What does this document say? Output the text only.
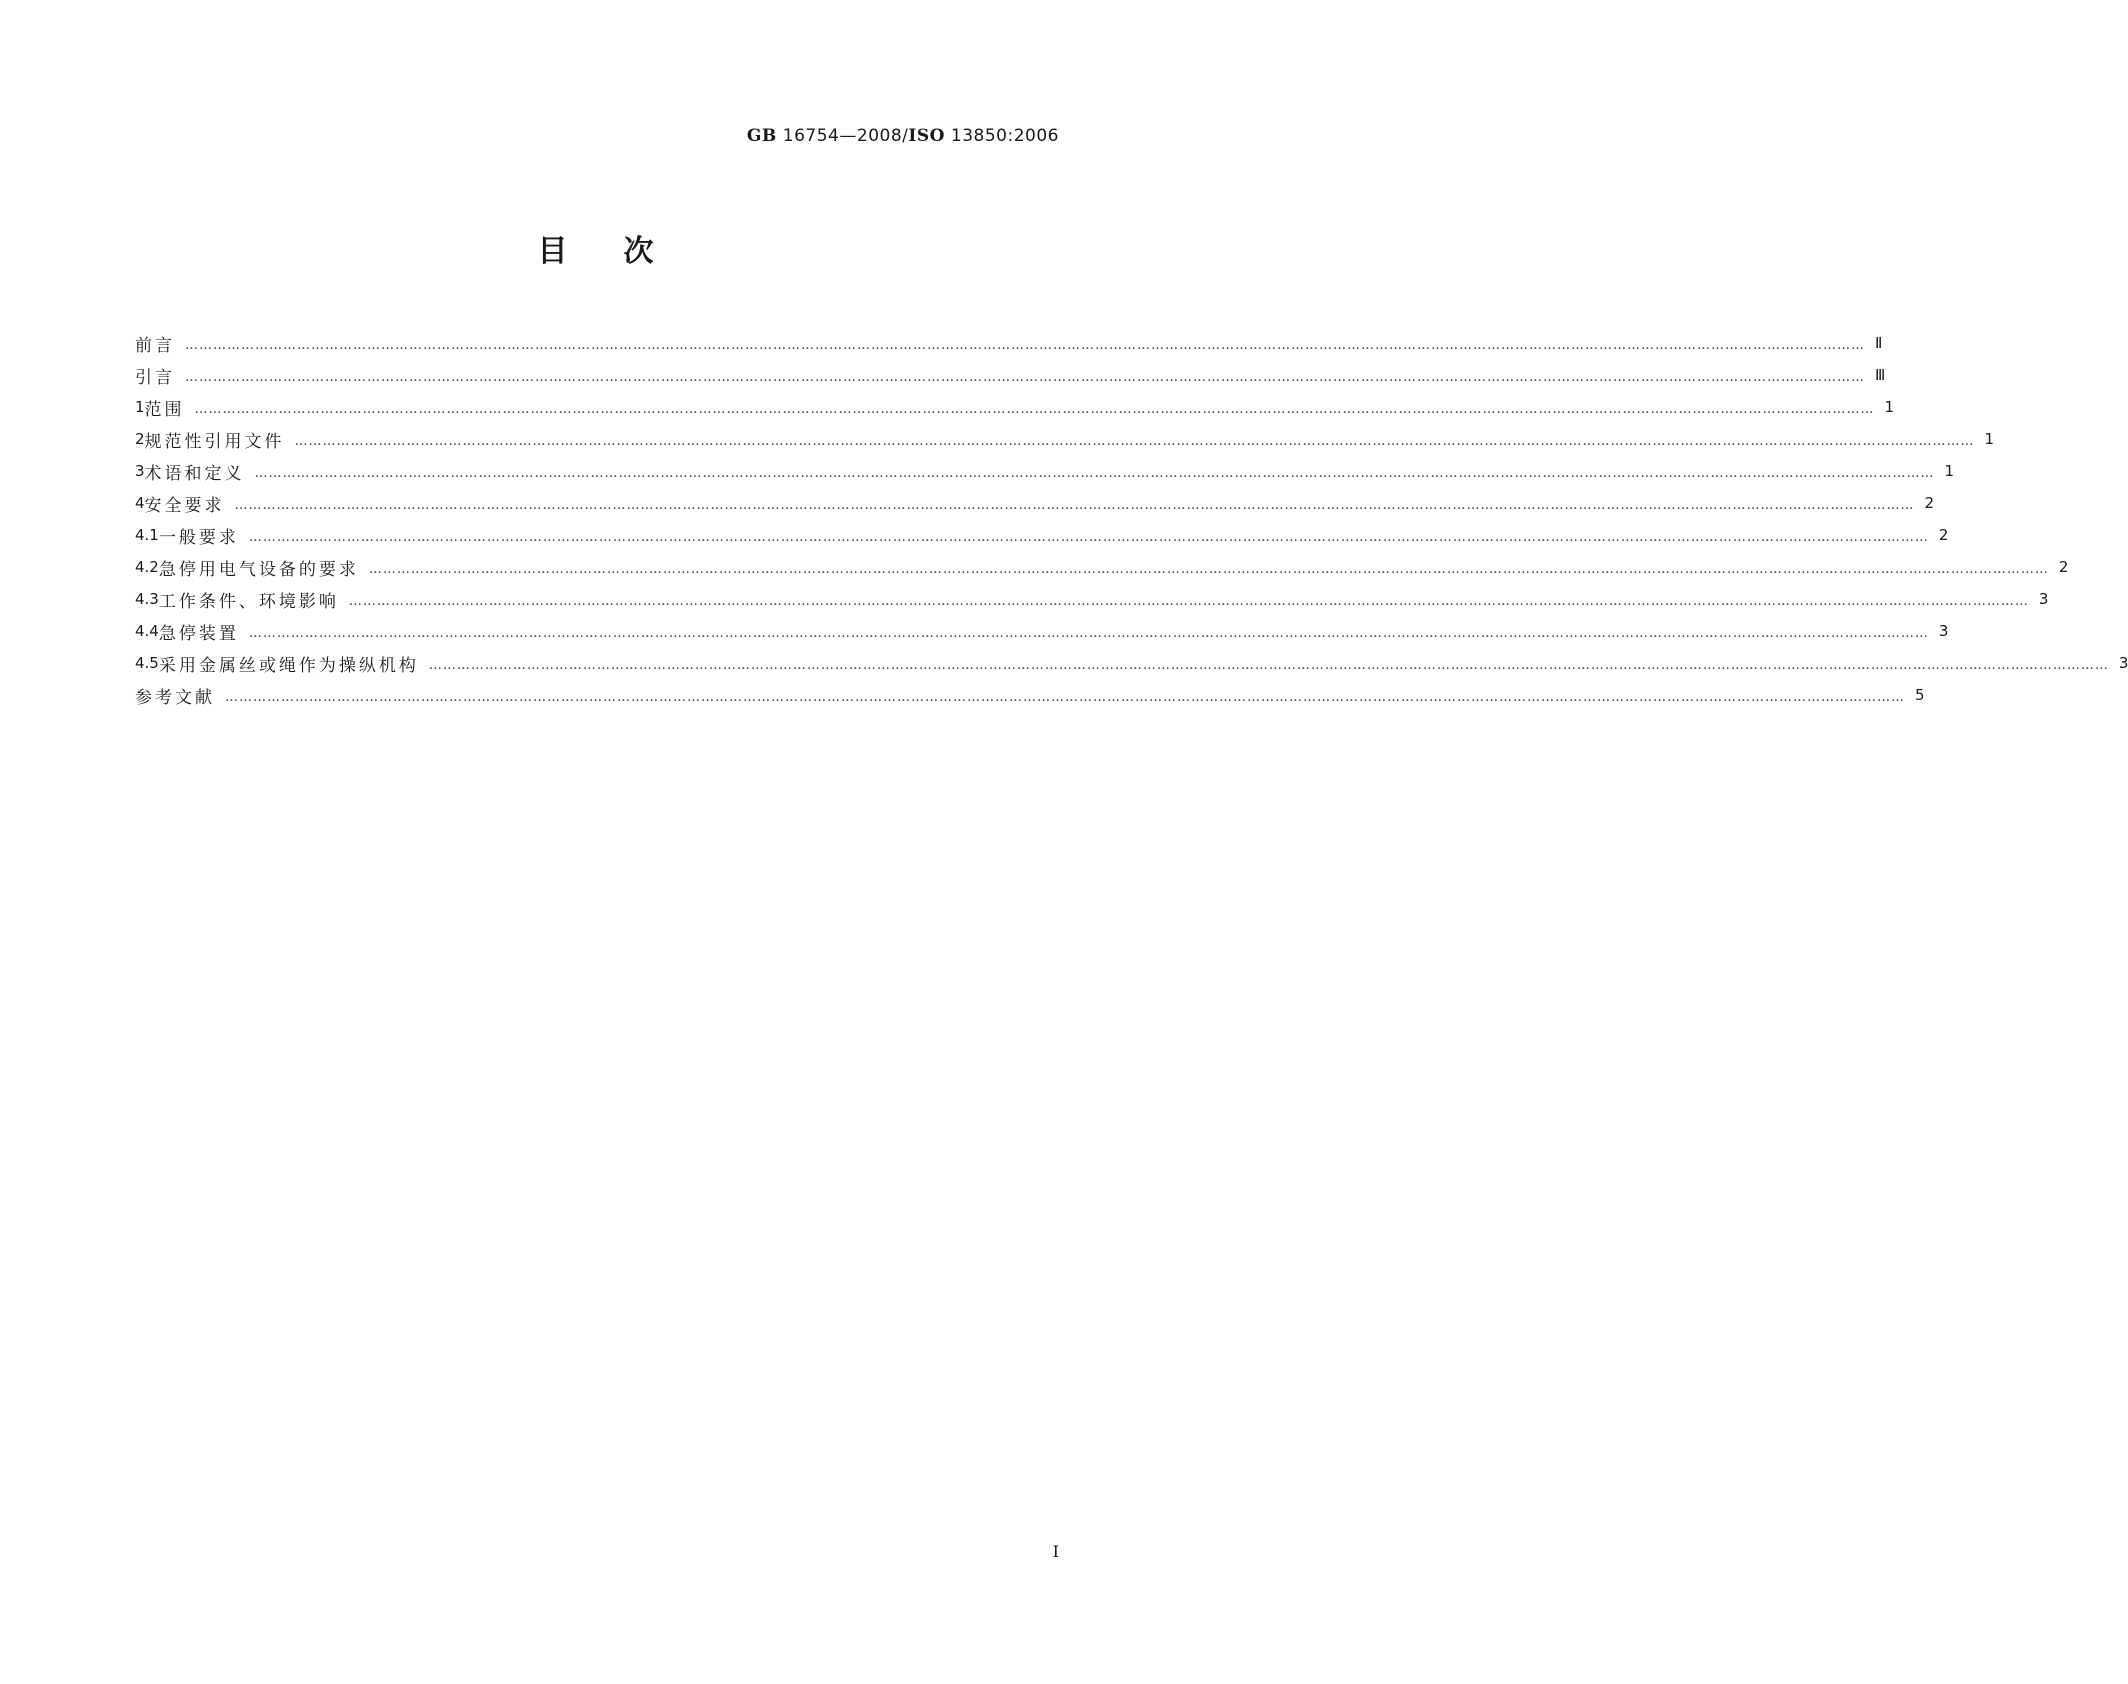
GB 16754—2008/ISO 13850:2006
目次
前言 ……………………………………………………………………………………………………………………………………………………………………………………………………………………………………………………………………………………………………………………………… Ⅱ
引言 ……………………………………………………………………………………………………………………………………………………………………………………………………………………………………………………………………………………………………………………………… Ⅲ
1 范围 ……………………………………………………………………………………………………………………………………………………………………………………………………………………………………………………………………………………………………………………………… 1
2 规范性引用文件 ……………………………………………………………………………………………………………………………………………………………………………………………………………………………………………………………………………………………………………………………… 1
3 术语和定义 ……………………………………………………………………………………………………………………………………………………………………………………………………………………………………………………………………………………………………………………………… 1
4 安全要求 ……………………………………………………………………………………………………………………………………………………………………………………………………………………………………………………………………………………………………………………………… 2
4.1 一般要求 ……………………………………………………………………………………………………………………………………………………………………………………………………………………………………………………………………………………………………………………………… 2
4.2 急停用电气设备的要求 ……………………………………………………………………………………………………………………………………………………………………………………………………………………………………………………………………………………………………………………………… 2
4.3 工作条件、环境影响 ……………………………………………………………………………………………………………………………………………………………………………………………………………………………………………………………………………………………………………………………… 3
4.4 急停装置 ……………………………………………………………………………………………………………………………………………………………………………………………………………………………………………………………………………………………………………………………… 3
4.5 采用金属丝或绳作为操纵机构 ……………………………………………………………………………………………………………………………………………………………………………………………………………………………………………………………………………………………………………………………… 3
参考文献 ……………………………………………………………………………………………………………………………………………………………………………………………………………………………………………………………………………………………………………………………… 5
Ⅰ
